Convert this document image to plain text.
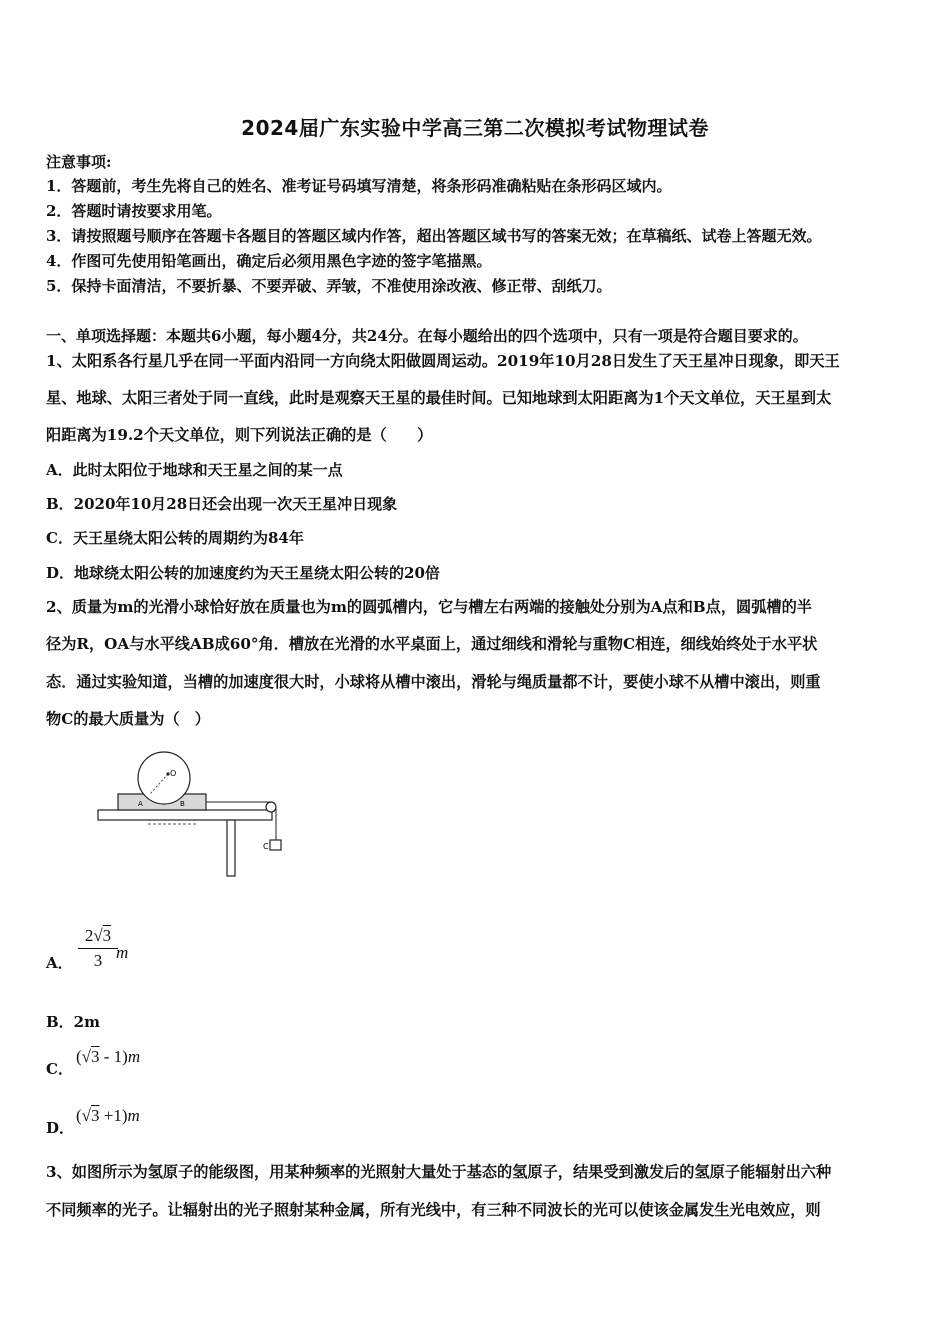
2024届广东实验中学高三第二次模拟考试物理试卷
注意事项:
1．答题前，考生先将自己的姓名、准考证号码填写清楚，将条形码准确粘贴在条形码区域内。
2．答题时请按要求用笔。
3．请按照题号顺序在答题卡各题目的答题区域内作答，超出答题区域书写的答案无效；在草稿纸、试卷上答题无效。
4．作图可先使用铅笔画出，确定后必须用黑色字迹的签字笔描黑。
5．保持卡面清洁，不要折暴、不要弄破、弄皱，不准使用涂改液、修正带、刮纸刀。
一、单项选择题：本题共6小题，每小题4分，共24分。在每小题给出的四个选项中，只有一项是符合题目要求的。
1、太阳系各行星几乎在同一平面内沿同一方向绕太阳做圆周运动。2019年10月28日发生了天王星冲日现象，即天王
星、地球、太阳三者处于同一直线，此时是观察天王星的最佳时间。已知地球到太阳距离为1个天文单位，天王星到太
阳距离为19.2个天文单位，则下列说法正确的是（　　）
A．此时太阳位于地球和天王星之间的某一点
B．2020年10月28日还会出现一次天王星冲日现象
C．天王星绕太阳公转的周期约为84年
D．地球绕太阳公转的加速度约为天王星绕太阳公转的20倍
2、质量为m的光滑小球恰好放在质量也为m的圆弧槽内，它与槽左右两端的接触处分别为A点和B点，圆弧槽的半
径为R，OA与水平线AB成60°角．槽放在光滑的水平桌面上，通过细线和滑轮与重物C相连，细线始终处于水平状
态．通过实验知道，当槽的加速度很大时，小球将从槽中滚出，滑轮与绳质量都不计，要使小球不从槽中滚出，则重
物C的最大质量为（　）
O
A	B
C
A． $\frac{2√3}{3}$
m
B．2m
C．
(√3 - 1)m
D．
(√3 +1)m
3、如图所示为氢原子的能级图，用某种频率的光照射大量处于基态的氢原子，结果受到激发后的氢原子能辐射出六种
不同频率的光子。让辐射出的光子照射某种金属，所有光线中，有三种不同波长的光可以使该金属发生光电效应，则
